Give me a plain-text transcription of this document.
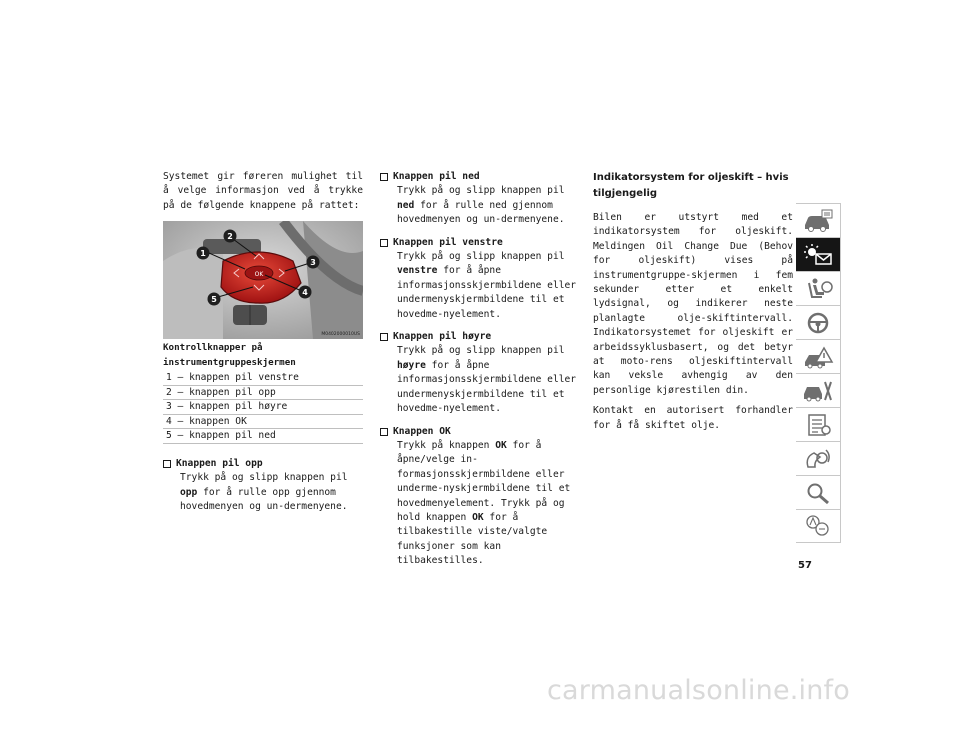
Systemet gir føreren mulighet til å velge informasjon ved å trykke på de følgende knappene på rattet:

OK
1
2
3
4
5
M0402000010US
Kontrollknapper på instrumentgruppeskjermen
1 – knappen pil venstre
2 – knappen pil opp
3 – knappen pil høyre
4 – knappen OK
5 – knappen pil ned
Knappen pil opp

Trykk på og slipp knappen pil opp for å rulle opp gjennom hovedmenyen og un-dermenyene.

Knappen pil ned

Trykk på og slipp knappen pil ned for å rulle ned gjennom hovedmenyen og un-dermenyene.

Knappen pil venstre

Trykk på og slipp knappen pil venstre for å åpne informasjonsskjermbildene eller undermenyskjermbildene til et hovedme-nyelement.

Knappen pil høyre

Trykk på og slipp knappen pil høyre for å åpne informasjonsskjermbildene eller undermenyskjermbildene til et hovedme-nyelement.

Knappen OK

Trykk på knappen OK for å åpne/velge in-formasjonsskjermbildene eller underme-nyskjermbildene til et hovedmenyelement. Trykk på og hold knappen OK for å tilbakestille viste/valgte funksjoner som kan tilbakestilles.

Indikatorsystem for oljeskift – hvis tilgjengelig

Bilen er utstyrt med et indikatorsystem for oljeskift. Meldingen Oil Change Due (Behov for oljeskift) vises på instrumentgruppe-skjermen i fem sekunder etter et enkelt lydsignal, og indikerer neste planlagte olje-skiftintervall. Indikatorsystemet for oljeskift er arbeidssyklusbasert, og det betyr at moto-rens oljeskiftintervall kan veksle avhengig av den personlige kjørestilen din.

Kontakt en autorisert forhandler for å få skiftet olje.

57
carmanualsonline.info
